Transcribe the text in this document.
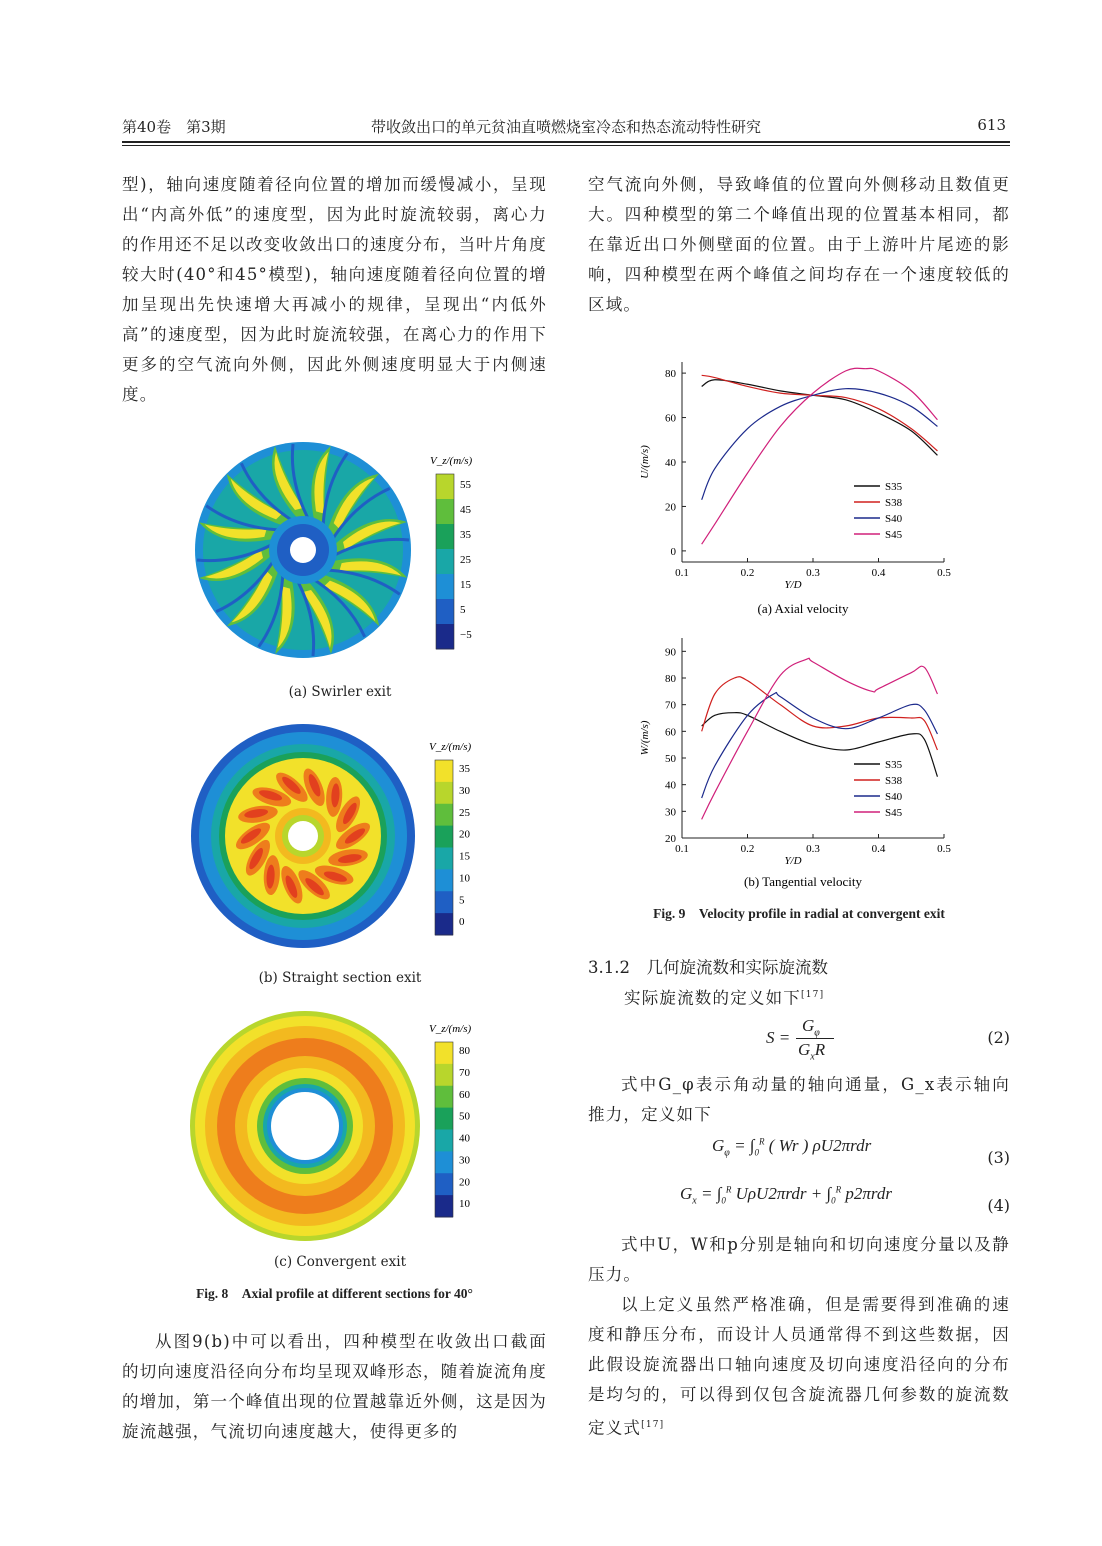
第40卷　第3期	带收敛出口的单元贫油直喷燃烧室冷态和热态流动特性研究	613

型)，轴向速度随着径向位置的增加而缓慢减小，呈现出“内高外低”的速度型，因为此时旋流较弱，离心力的作用还不足以改变收敛出口的速度分布，当叶片角度较大时(40°和45°模型)，轴向速度随着径向位置的增加呈现出先快速增大再减小的规律，呈现出“内低外高”的速度型，因为此时旋流较强，在离心力的作用下更多的空气流向外侧，因此外侧速度明显大于内侧速度。

V_z/(m/s)
55
45
35
25
15
5
−5
(a) Swirler exit
V_z/(m/s)
35
30
25
20
15
10
5
0
(b) Straight section exit
V_z/(m/s)
80
70
60
50
40
30
20
10
(c) Convergent exit
Fig. 8　Axial profile at different sections for 40°

从图9(b)中可以看出，四种模型在收敛出口截面的切向速度沿径向分布均呈现双峰形态，随着旋流角度的增加，第一个峰值出现的位置越靠近外侧，这是因为旋流越强，气流切向速度越大，使得更多的

空气流向外侧，导致峰值的位置向外侧移动且数值更大。四种模型的第二个峰值出现的位置基本相同，都在靠近出口外侧壁面的位置。由于上游叶片尾迹的影响，四种模型在两个峰值之间均存在一个速度较低的区域。

0.1	0.2	0.3	0.4	0.5
0
20
40
60
80
Y/D
U/(m/s)
S35
S38
S40
S45
(a) Axial velocity
0.1	0.2	0.3	0.4	0.5
20
30
40
50
60
70
80
90
Y/D
W/(m/s)
S35
S38
S40
S45
(b) Tangential velocity
Fig. 9　Velocity profile in radial at convergent exit
3.1.2　几何旋流数和实际旋流数
实际旋流数的定义如下[17]
S =
$G_\varphi$
$G_xR$
(2)

式中G_φ表示角动量的轴向通量，G_x表示轴向推力，定义如下

$G_\varphi = \int_0^R$ ( Wr ) ρU2πrdr
(3)
$G_x = \int_0^R$ $U\rho U2\pi rdr + \int_0^R$ p2πrdr
(4)

式中U，W和p分别是轴向和切向速度分量以及静压力。

以上定义虽然严格准确，但是需要得到准确的速度和静压分布，而设计人员通常得不到这些数据，因此假设旋流器出口轴向速度及切向速度沿径向的分布是均匀的，可以得到仅包含旋流器几何参数的旋流数定义式[17]
